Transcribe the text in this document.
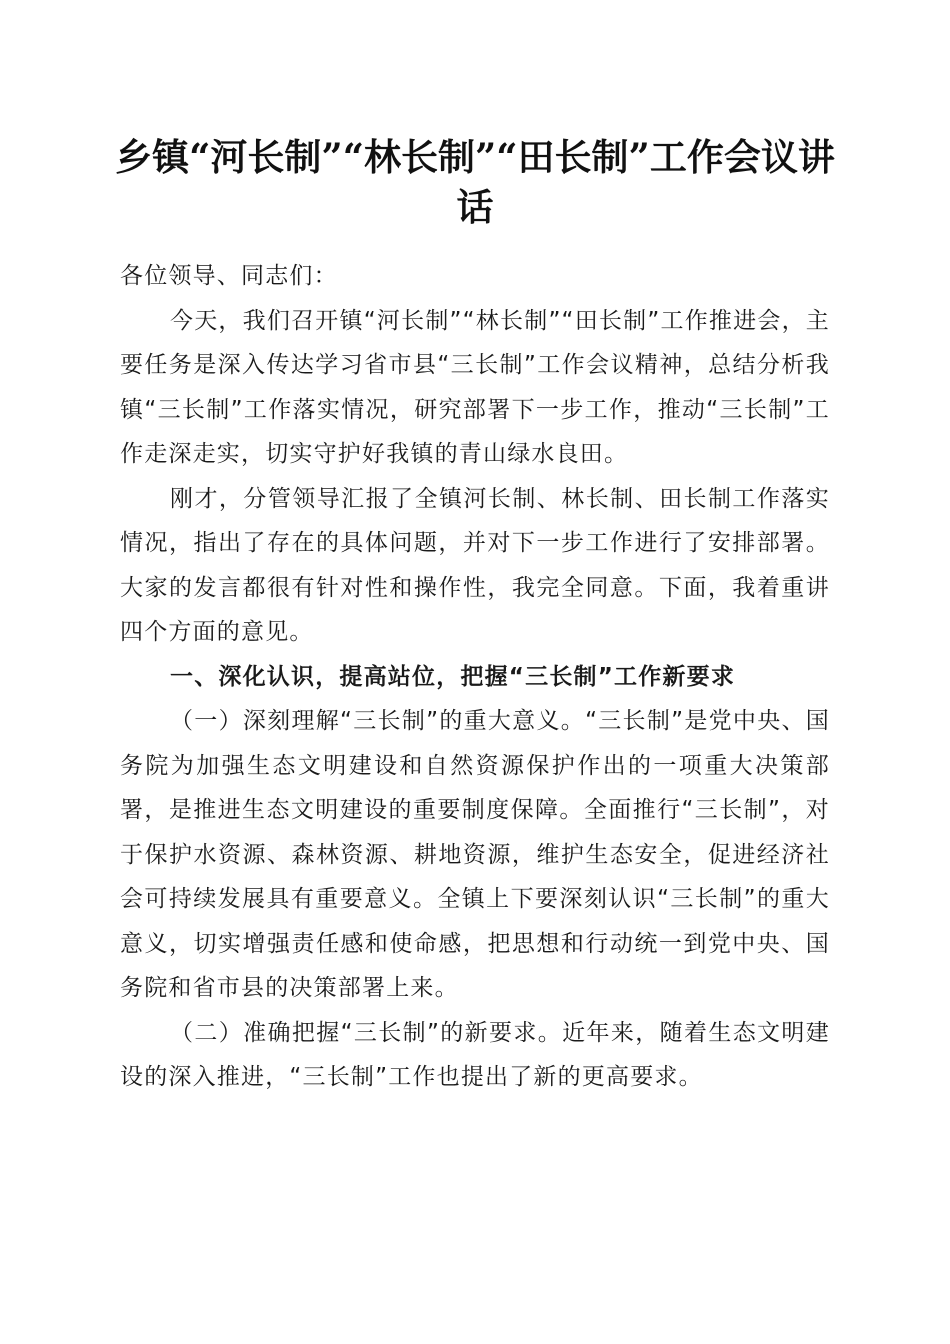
乡镇“河长制”“林长制”“田长制”工作会议讲话

各位领导、同志们：

今天，我们召开镇“河长制”“林长制”“田长制”工作推进会，主要任务是深入传达学习省市县“三长制”工作会议精神，总结分析我镇“三长制”工作落实情况，研究部署下一步工作，推动“三长制”工作走深走实，切实守护好我镇的青山绿水良田。

刚才，分管领导汇报了全镇河长制、林长制、田长制工作落实情况，指出了存在的具体问题，并对下一步工作进行了安排部署。大家的发言都很有针对性和操作性，我完全同意。下面，我着重讲四个方面的意见。

一、深化认识，提高站位，把握“三长制”工作新要求

（一）深刻理解“三长制”的重大意义。“三长制”是党中央、国务院为加强生态文明建设和自然资源保护作出的一项重大决策部署，是推进生态文明建设的重要制度保障。全面推行“三长制”，对于保护水资源、森林资源、耕地资源，维护生态安全，促进经济社会可持续发展具有重要意义。全镇上下要深刻认识“三长制”的重大意义，切实增强责任感和使命感，把思想和行动统一到党中央、国务院和省市县的决策部署上来。

（二）准确把握“三长制”的新要求。近年来，随着生态文明建设的深入推进，“三长制”工作也提出了新的更高要求。
